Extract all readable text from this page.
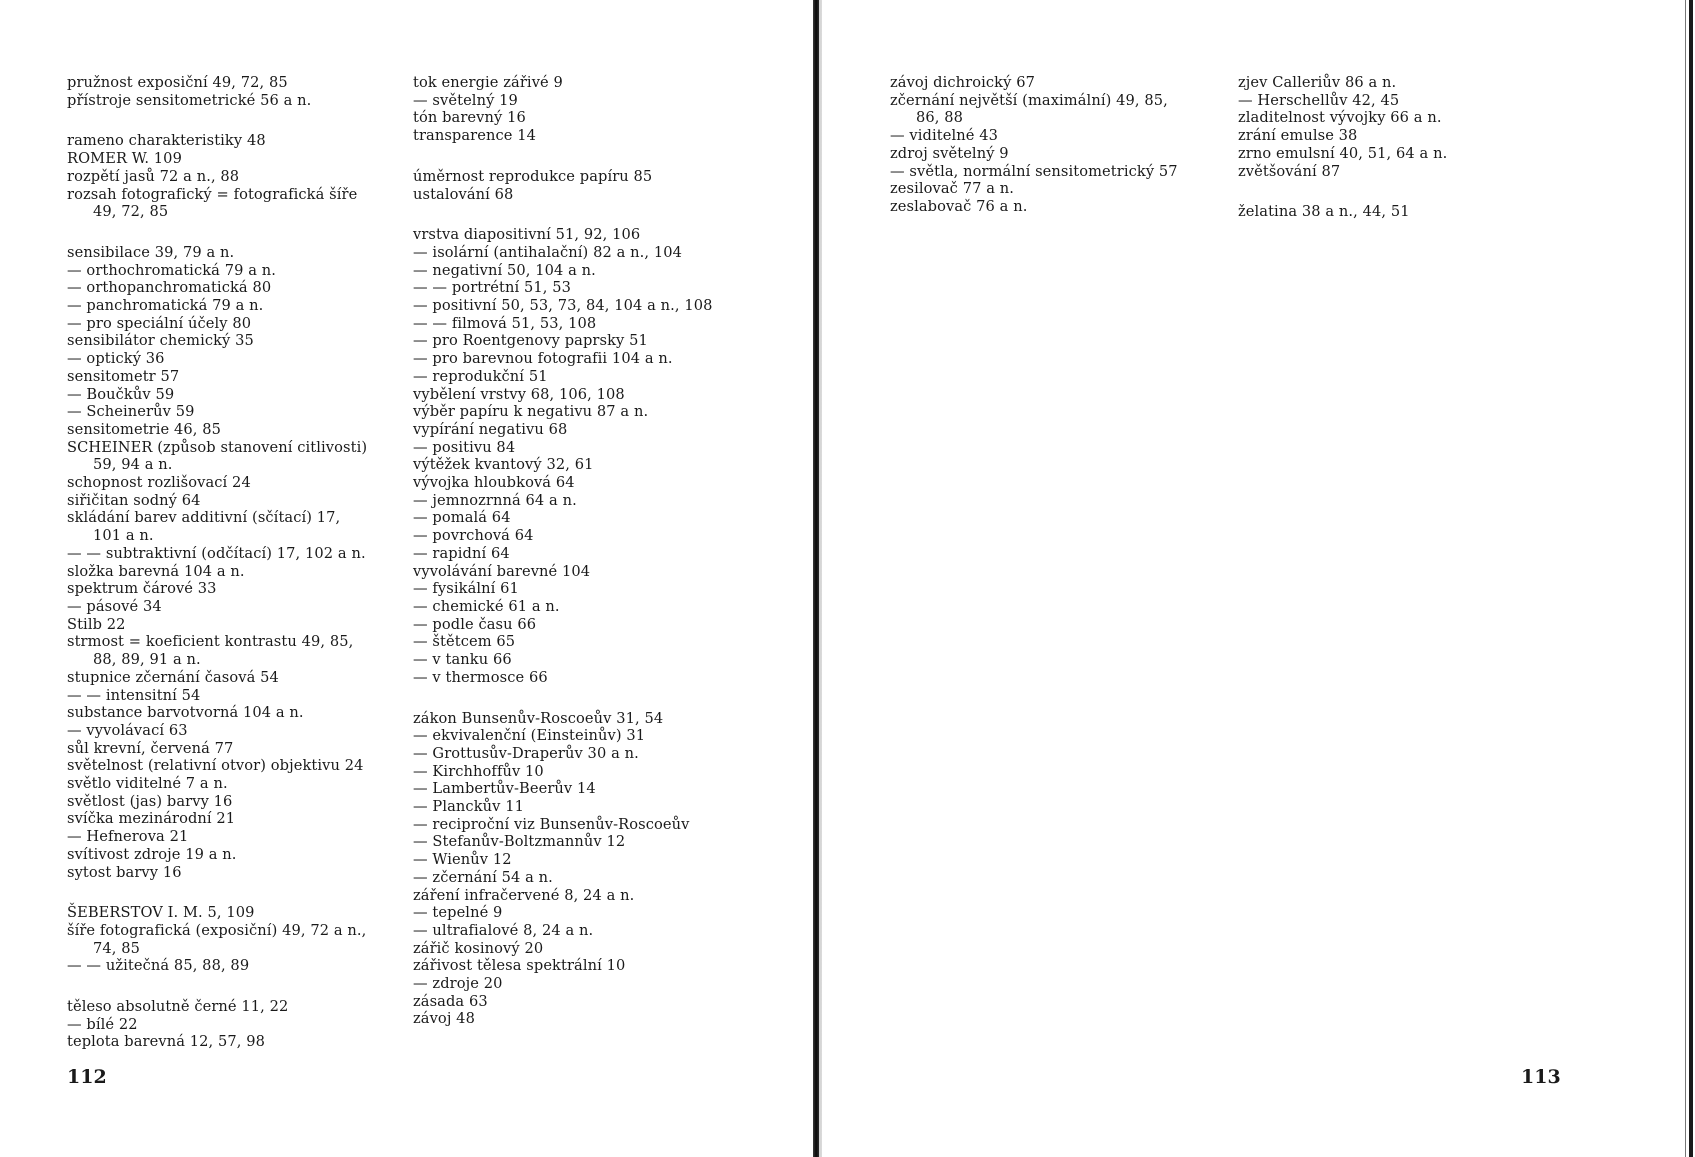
pružnost exposiční 49, 72, 85
přístroje sensitometrické 56 a n.
rameno charakteristiky 48
ROMER W. 109
rozpětí jasů 72 a n., 88
rozsah fotografický = fotografická šíře
49, 72, 85
sensibilace 39, 79 a n.
— orthochromatická 79 a n.
— orthopanchromatická 80
— panchromatická 79 a n.
— pro speciální účely 80
sensibilátor chemický 35
— optický 36
sensitometr 57
— Boučkův 59
— Scheinerův 59
sensitometrie 46, 85
SCHEINER (způsob stanovení citlivosti)
59, 94 a n.
schopnost rozlišovací 24
siřičitan sodný 64
skládání barev additivní (sčítací) 17,
101 a n.
— — subtraktivní (odčítací) 17, 102 a n.
složka barevná 104 a n.
spektrum čárové 33
— pásové 34
Stilb 22
strmost = koeficient kontrastu 49, 85,
88, 89, 91 a n.
stupnice zčernání časová 54
— — intensitní 54
substance barvotvorná 104 a n.
— vyvolávací 63
sůl krevní, červená 77
světelnost (relativní otvor) objektivu 24
světlo viditelné 7 a n.
světlost (jas) barvy 16
svíčka mezinárodní 21
— Hefnerova 21
svítivost zdroje 19 a n.
sytost barvy 16
ŠEBERSTOV I. M. 5, 109
šíře fotografická (exposiční) 49, 72 a n.,
74, 85
— — užitečná 85, 88, 89
těleso absolutně černé 11, 22
— bílé 22
teplota barevná 12, 57, 98
tok energie zářivé 9
— světelný 19
tón barevný 16
transparence 14
úměrnost reprodukce papíru 85
ustalování 68
vrstva diapositivní 51, 92, 106
— isolární (antihalační) 82 a n., 104
— negativní 50, 104 a n.
— — portrétní 51, 53
— positivní 50, 53, 73, 84, 104 a n., 108
— — filmová 51, 53, 108
— pro Roentgenovy paprsky 51
— pro barevnou fotografii 104 a n.
— reprodukční 51
vybělení vrstvy 68, 106, 108
výběr papíru k negativu 87 a n.
vypírání negativu 68
— positivu 84
výtěžek kvantový 32, 61
vývojka hloubková 64
— jemnozrnná 64 a n.
— pomalá 64
— povrchová 64
— rapidní 64
vyvolávání barevné 104
— fysikální 61
— chemické 61 a n.
— podle času 66
— štětcem 65
— v tanku 66
— v thermosce 66
zákon Bunsenův-Roscoeův 31, 54
— ekvivalenční (Einsteinův) 31
— Grottusův-Draperův 30 a n.
— Kirchhoffův 10
— Lambertův-Beerův 14
— Planckův 11
— reciproční viz Bunsenův-Roscoeův
— Stefanův-Boltzmannův 12
— Wienův 12
— zčernání 54 a n.
záření infračervené 8, 24 a n.
— tepelné 9
— ultrafialové 8, 24 a n.
zářič kosinový 20
zářivost tělesa spektrální 10
— zdroje 20
zásada 63
závoj 48
112
závoj dichroický 67
zčernání největší (maximální) 49, 85,
86, 88
— viditelné 43
zdroj světelný 9
— světla, normální sensitometrický 57
zesilovač 77 a n.
zeslabovač 76 a n.
zjev Calleriův 86 a n.
— Herschellův 42, 45
zladitelnost vývojky 66 a n.
zrání emulse 38
zrno emulsní 40, 51, 64 a n.
zvětšování 87
želatina 38 a n., 44, 51
113
